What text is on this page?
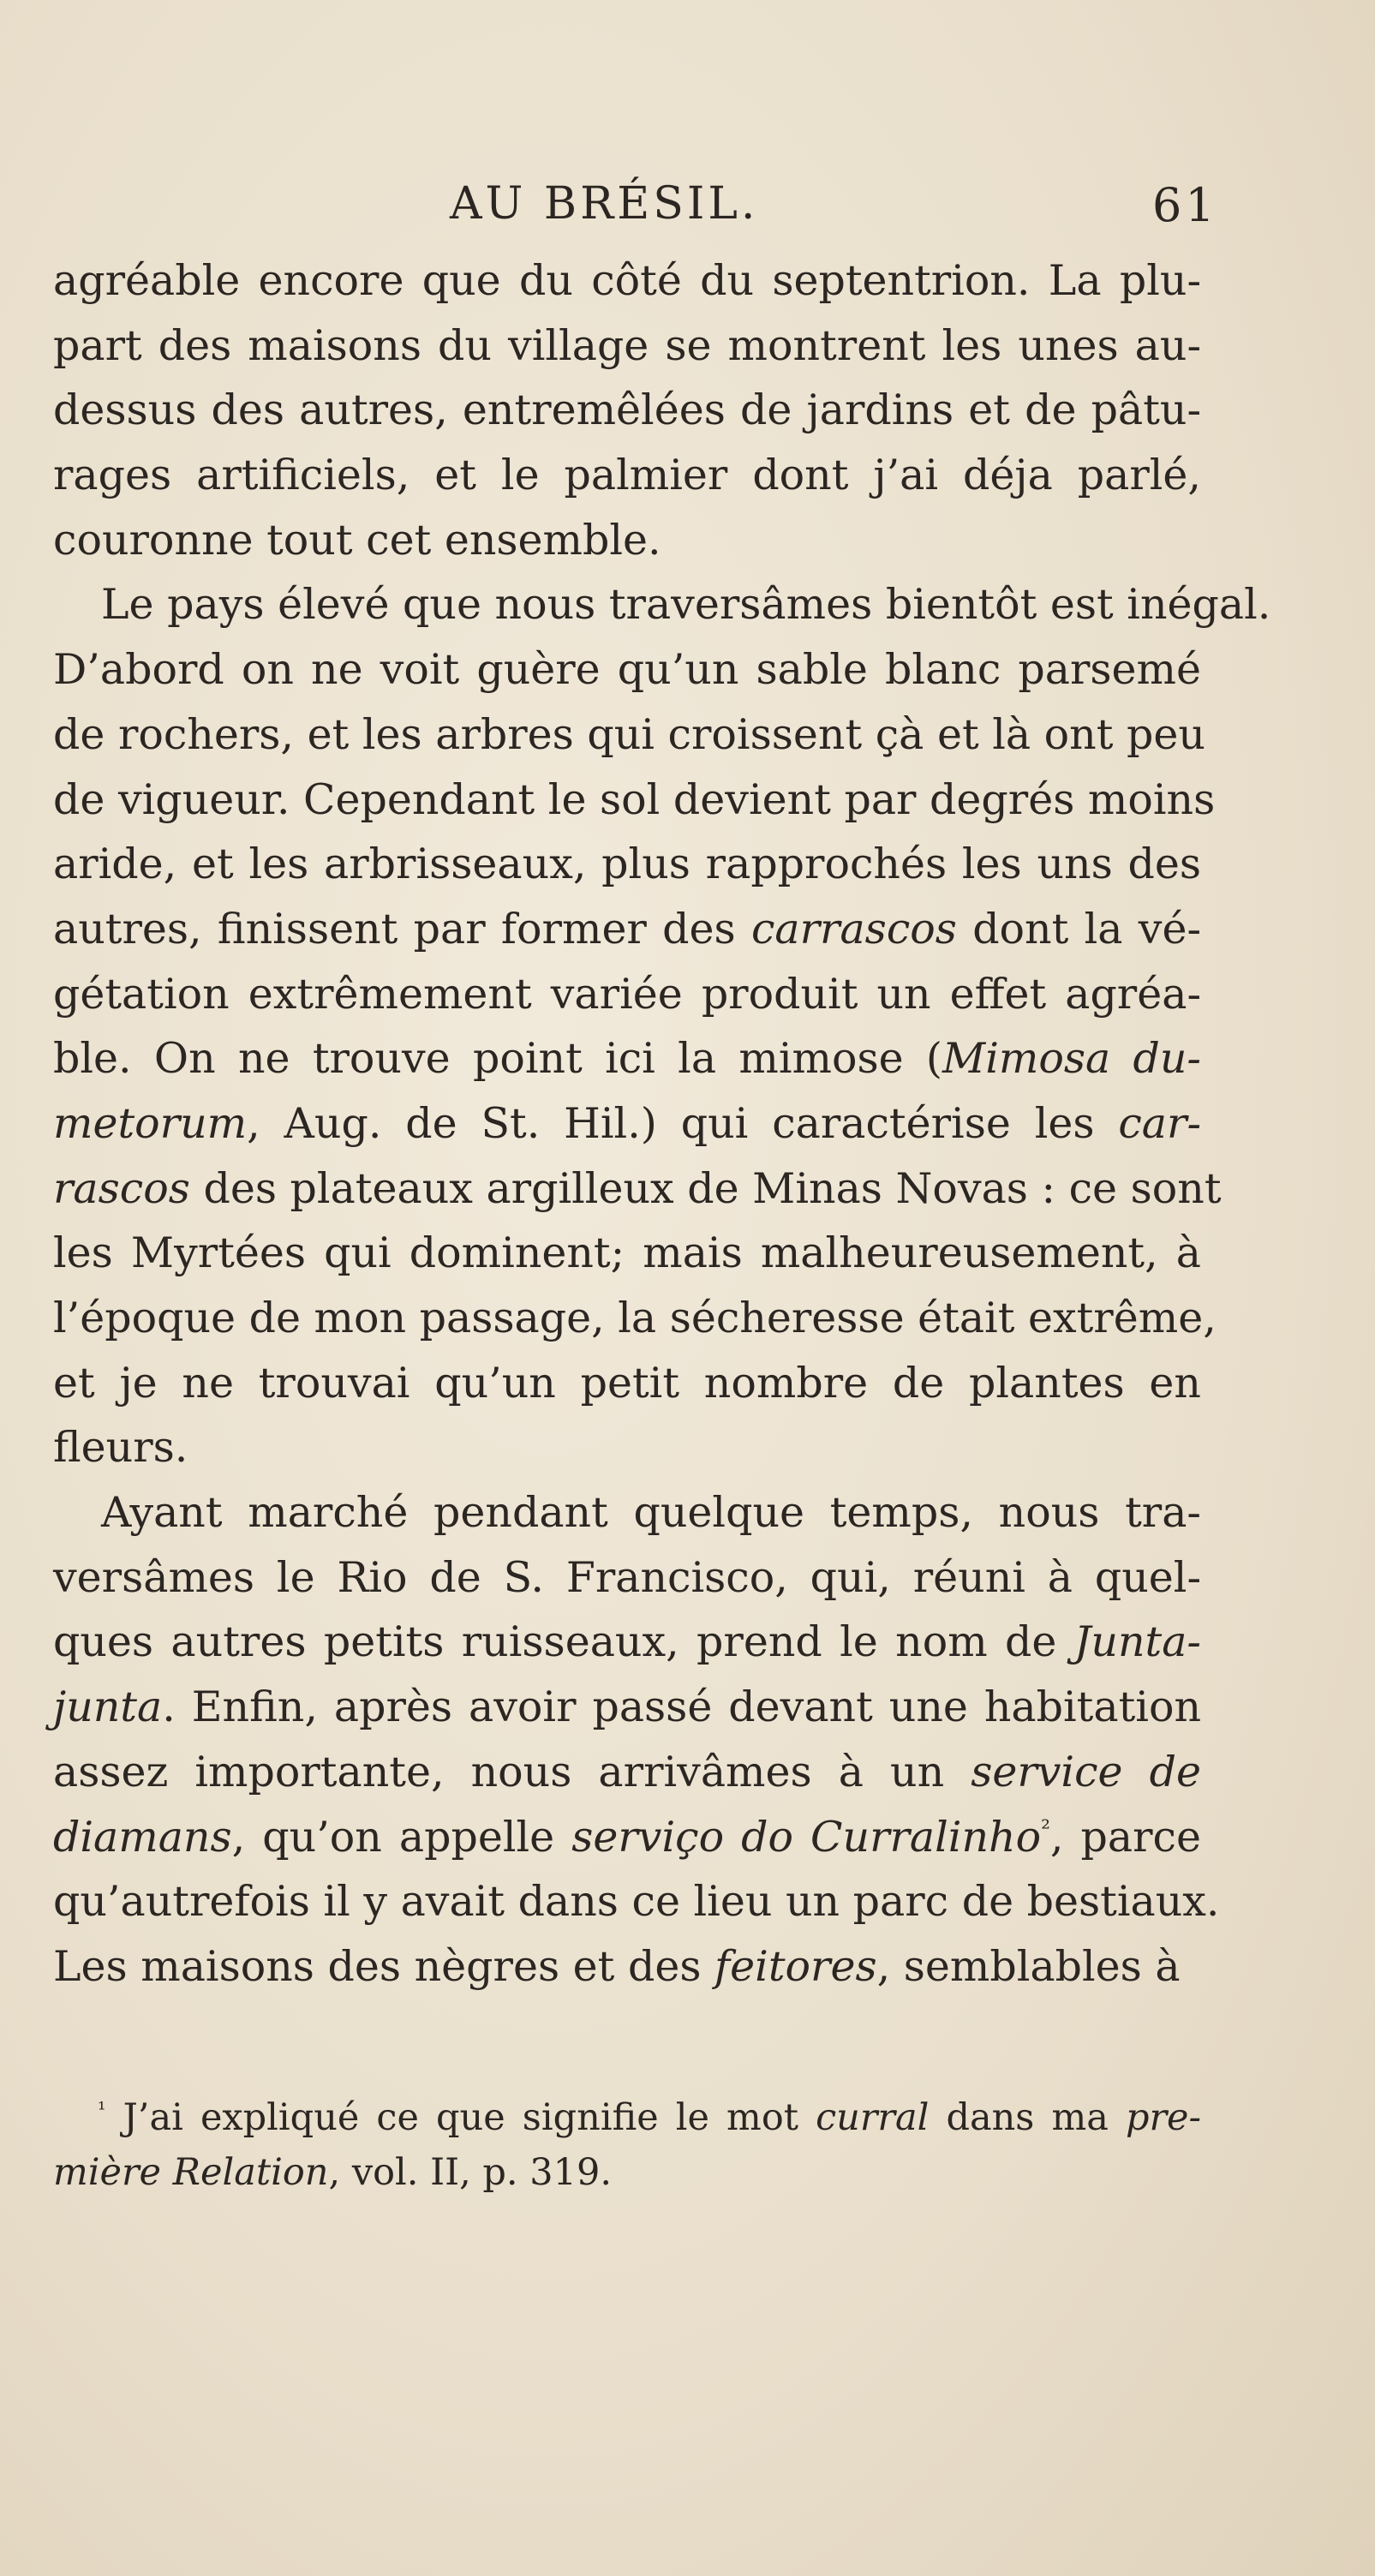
AU BRÉSIL.	61
agréable encore que du côté du septentrion. La plu-
part des maisons du village se montrent les unes au-
dessus des autres, entremêlées de jardins et de pâtu-
rages artificiels, et le palmier dont j’ai déja parlé,
couronne tout cet ensemble.
Le pays élevé que nous traversâmes bientôt est inégal.
D’abord on ne voit guère qu’un sable blanc parsemé
de rochers, et les arbres qui croissent çà et là ont peu
de vigueur. Cependant le sol devient par degrés moins
aride, et les arbrisseaux, plus rapprochés les uns des
autres, finissent par former des carrascos dont la vé-
gétation extrêmement variée produit un effet agréa-
ble. On ne trouve point ici la mimose (Mimosa du-
metorum, Aug. de St. Hil.) qui caractérise les car-
rascos des plateaux argilleux de Minas Novas : ce sont
les Myrtées qui dominent; mais malheureusement, à
l’époque de mon passage, la sécheresse était extrême,
et je ne trouvai qu’un petit nombre de plantes en
fleurs.
Ayant marché pendant quelque temps, nous tra-
versâmes le Rio de S. Francisco, qui, réuni à quel-
ques autres petits ruisseaux, prend le nom de Junta-
junta. Enfin, après avoir passé devant une habitation
assez importante, nous arrivâmes à un service de
diamans, qu’on appelle serviço do Curralinho$^{^2}$, parce
qu’autrefois il y avait dans ce lieu un parc de bestiaux.
Les maisons des nègres et des feitores, semblables à
$^{^1}$ J’ai expliqué ce que signifie le mot curral dans ma pre-
mière Relation, vol. II, p. 319.
